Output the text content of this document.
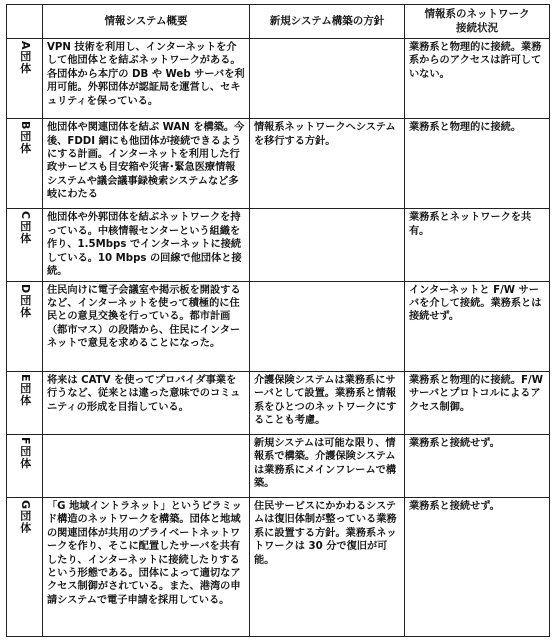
	情報システム概要	新規システム構築の方針	情報系のネットワーク
接続状況

A団体	VPN 技術を利用し、インターネットを介して他団体とを結ぶネットワークがある。各団体から本庁の DB や Web サーバを利用可能。外郭団体が認証局を運営し、セキュリティを保っている。		業務系と物理的に接続。業務系からのアクセスは許可していない。
B団体	他団体や関連団体を結ぶ WAN を構築。今後、FDDI 網にも他団体が接続できるようにする計画。インターネットを利用した行政サービスも目安箱や災害･緊急医療情報システムや議会議事録検索システムなど多岐にわたる	情報系ネットワークへシステムを移行する方針。	業務系と物理的に接続。
C団体	他団体や外郭団体を結ぶネットワークを持っている。中核情報センターという組織を作り、1.5Mbps でインターネットに接続している。10 Mbps の回線で他団体と接続。		業務系とネットワークを共有。
D団体	住民向けに電子会議室や掲示板を開設するなど、インターネットを使って積極的に住民との意見交換を行っている。都市計画（都市マス）の段階から、住民にインターネットで意見を求めることになった。		インターネットと F/W サーバを介して接続。業務系とは接続せず。
E団体	将来は CATV を使ってプロバイダ事業を行うなど、従来とは違った意味でのコミュニティの形成を目指している。	介護保険システムは業務系にサーバとして設置。業務系と情報系をひとつのネットワークにすることも考慮。	業務系と物理的に接続。F/W サーバとプロトコルによるアクセス制御。
F団体		新規システムは可能な限り、情報系で構築。介護保険システムは業務系にメインフレームで構築。	業務系と接続せず。
G団体	「G 地域イントラネット」というピラミッド構造のネットワークを構築。団体と地域の関連団体が共用のプライベートネットワークを作り、そこに配置したサーバを共有したり、インターネットに接続したりするという形態である。団体によって適切なアクセス制御がされている。また、港湾の申請システムで電子申請を採用している。	住民サービスにかかわるシステムは復旧体制が整っている業務系に設置する方針。業務系ネットワークは 30 分で復旧が可能。	業務系と接続せず。
